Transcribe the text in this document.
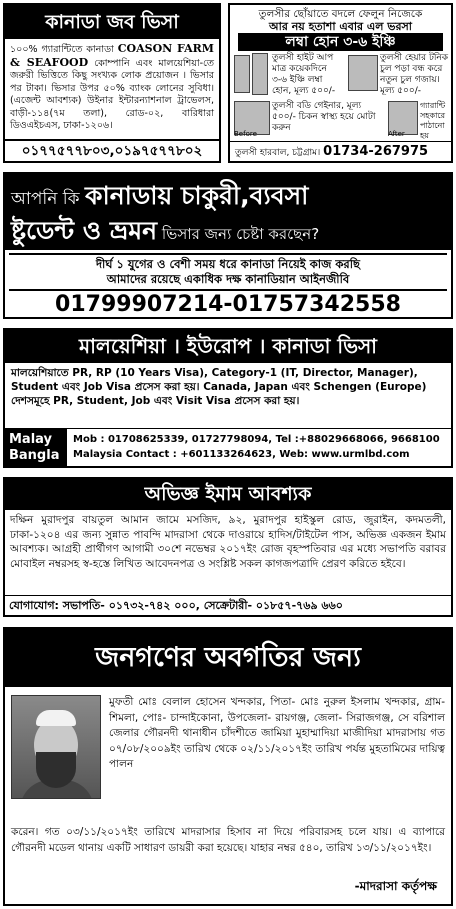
কানাডা জব ভিসা
১০০% গ্যারান্টিতে কানাডা COASON FARM & SEAFOOD কোম্পানি এবং মালয়েশিয়া-তে জরুরী ভিত্তিতে কিছু সংখ্যক লোক প্রয়োজন । ভিসার পর টাকা। ভিসার উপর ৫০% ব্যাংক লোনের সুবিধা। (এজেন্ট আবশ্যক) উইনার ইন্টারন্যাশনাল ট্রাভেলস, বাড়ী-১১৪(৭ম তলা), রোড-০২, বারিধারা ডিওএইচএস, ঢাকা-১২০৬।
০১৭৭৫৭৭৮০৩,০১৯৭৫৭৭৮০২
তুলসীর ছোঁয়াতে বদলে ফেলুন নিজেকে
আর নয় হতাশা এবার এল ভরসা
লম্বা হোন ৩-৬ ইঞ্চি
তুলসী হাইট আপ মাত্র কয়েকদিনে ৩-৬ ইঞ্চি লম্বা হোন, মূল্য ৫০০/-
তুলসী হেয়ার টনিক চুল পড়া বন্ধ করে নতুন চুল গজায়। মূল্য ৫০০/-
তুলসী বডি গেইনার, মূল্য ৫০০/- চিকন স্বাস্থ্য হয়ে মোটা করুন
গ্যারান্টি সহকারে পাঠানো হয়
Before	After
তুলসী হারবাল, চট্টগ্রাম। 01734-267975
আপনি কি কানাডায় চাকুরী,ব্যবসা
ষ্টুডেন্ট ও ভ্রমন ভিসার জন্য চেষ্টা করছেন?
দীর্ঘ ১ যুগের ও বেশী সময় ধরে কানাডা নিয়েই কাজ করছি
আমাদের রয়েছে একাধিক দক্ষ কানাডিয়ান আইনজীবি
01799907214-01757342558
মালয়েশিয়া । ইউরোপ । কানাডা ভিসা
মালয়েশিয়াতে PR, RP (10 Years Visa), Category-1 (IT, Director, Manager), Student এবং Job Visa প্রসেস করা হয়। Canada, Japan এবং Schengen (Europe) দেশসমূহে PR, Student, Job এবং Visit Visa প্রসেস করা হয়।
Malay
Bangla
Mob : 01708625339, 01727798094, Tel :+88029668066, 9668100
Malaysia Contact : +601133264623, Web: www.urmlbd.com
অভিজ্ঞ ইমাম আবশ্যক
দক্ষিন মুরাদপুর বায়তুল আমান জামে মসজিদ, ৯২, মুরাদপুর হাইস্কুল রোড, জুরাইন, কদমতলী, ঢাকা-১২০৪ এর জন্য সুন্নাত পাবন্দি মাদরাসা থেকে দাওরায়ে হাদিস/টাইটেল পাস, অভিজ্ঞ একজন ইমাম আবশ্যক। আগ্রহী প্রার্থীগণ আগামী ৩০শে নভেম্বর ২০১৭ইং রোজ বৃহস্পতিবার এর মধ্যে সভাপতি বরাবর মোবাইল নম্বরসহ স্ব-হস্তে লিখিত আবেদনপত্র ও সংশ্লিষ্ট সকল কাগজপত্রাদি প্রেরণ করিতে হইবে।
যোগাযোগ: সভাপতি- ০১৭৩২-৭৪২ ০০০, সেক্রেটারী- ০১৮৫৭-৭৬৯ ৬৬০
জনগণের অবগতির জন্য
মুফতী মোঃ বেলাল হোসেন খন্দকার, পিতা- মোঃ নুরুল ইসলাম খন্দকার, গ্রাম- শিমলা, পোঃ- চান্দাইকোনা, উপজেলা- রায়গঞ্জ, জেলা- সিরাজগঞ্জ, সে বরিশাল জেলার গৌরনদী থানাধীন চাঁদশীতে জামিয়া মুহাম্মাদিয়া মাজীদিয়া মাদরাসায় গত ০৭/০৮/২০০৯ইং তারিখ থেকে ০২/১১/২০১৭ইং তারিখ পর্যন্ত মুহতামিমের দায়িত্ব পালন
করেন। গত ০৩/১১/২০১৭ইং তারিখে মাদরাসার হিসাব না দিয়ে পরিবারসহ চলে যায়। এ ব্যাপারে গৌরনদী মডেল থানায় একটি সাধারণ ডায়রী করা হয়েছে। যাহার নম্বর ৫৪০, তারিখ ১৩/১১/২০১৭ইং।
-মাদরাসা কর্তৃপক্ষ
